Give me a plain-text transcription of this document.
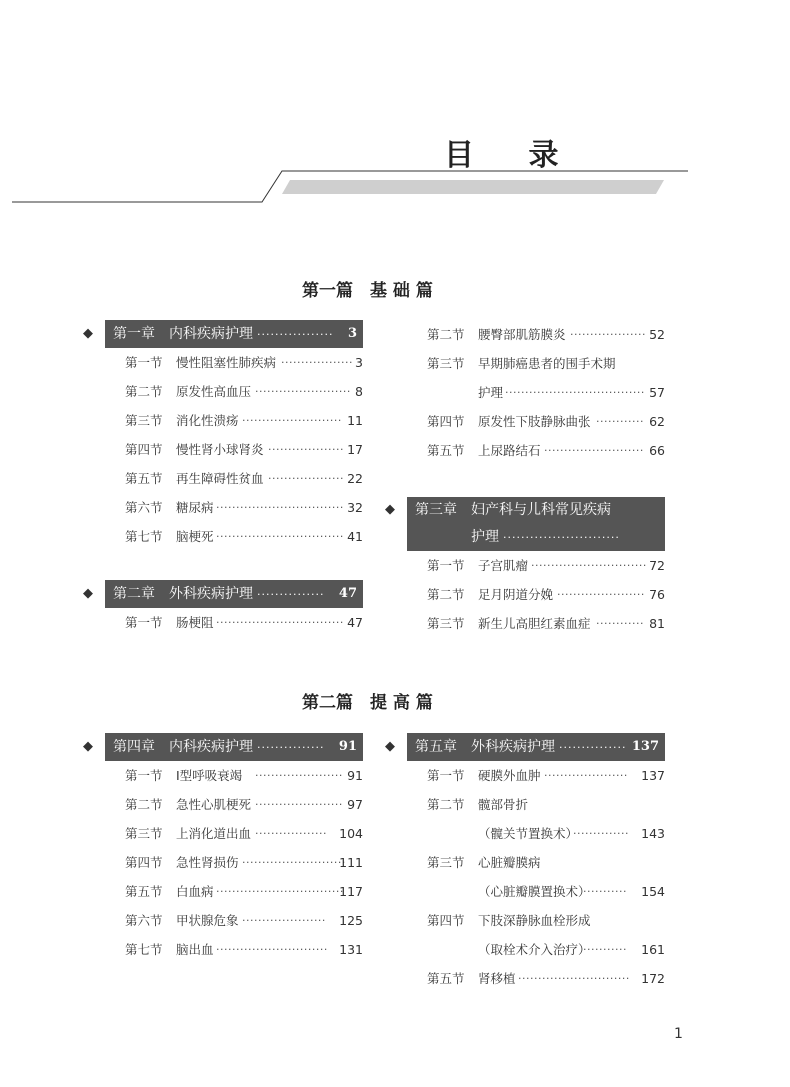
目 录
第一篇　基 础 篇
◆ 第一章 内科疾病护理 ················· 3
第一节 慢性阻塞性肺疾病 ·················· 3
第二节 原发性高血压 ························ 8
第三节 消化性溃疡 ························· 11
第四节 慢性肾小球肾炎 ··················· 17
第五节 再生障碍性贫血 ··················· 22
第六节 糖尿病 ································ 32
第七节 脑梗死 ································ 41
◆ 第二章 外科疾病护理 ··············· 47
第一节 肠梗阻 ································ 47
第二节 腰臀部肌筋膜炎 ··················· 52
第三节 早期肺癌患者的围手术期
护理 ··································· 57
第四节 原发性下肢静脉曲张 ············ 62
第五节 上尿路结石 ························· 66
◆ 第三章 妇产科与儿科常见疾病
护理 ··························	72
第一节 子宫肌瘤 ····························· 72
第二节 足月阴道分娩 ······················ 76
第三节 新生儿高胆红素血症 ············ 81
第二篇　提 高 篇
◆ 第四章 内科疾病护理 ··············· 91
第一节 Ⅰ型呼吸衰竭 ······················ 91
第二节 急性心肌梗死 ······················ 97
第三节 上消化道出血 ·················· 104
第四节 急性肾损伤 ··························
111
第五节 白血病 ································
117
第六节 甲状腺危象 ····················· 125
第七节 脑出血 ···························· 131
◆ 第五章 外科疾病护理 ··············· 137
第一节 硬膜外血肿 ····················· 137
第二节 髋部骨折
（髋关节置换术）
·············· 143
第三节 心脏瓣膜病
（心脏瓣膜置换术）
··········· 154
第四节 下肢深静脉血栓形成
（取栓术介入治疗）
··········· 161
第五节 肾移植 ···························· 172
1
